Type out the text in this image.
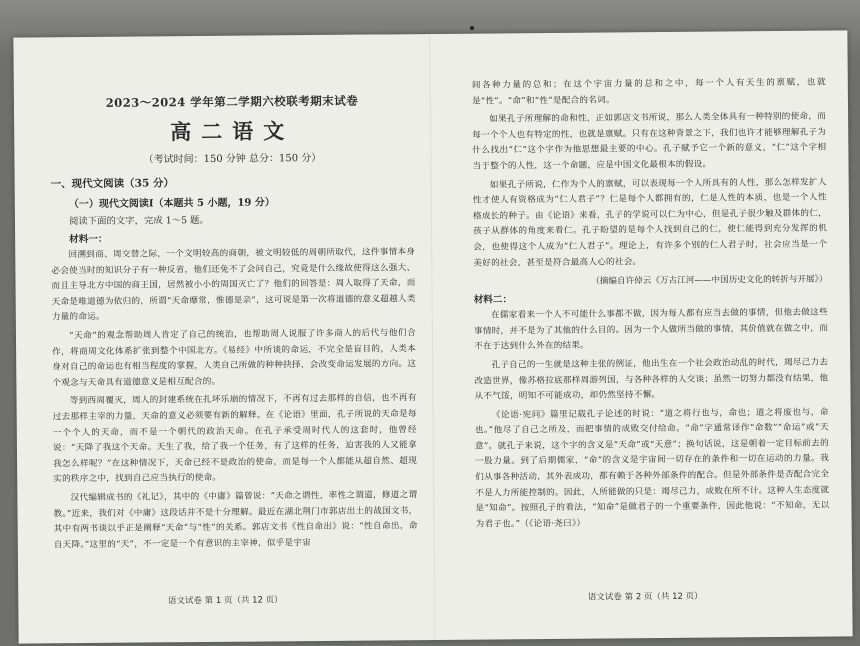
2023～2024 学年第二学期六校联考期末试卷
高二语文
（考试时间：150 分钟 总分：150 分）
一、现代文阅读（35 分）
（一）现代文阅读Ⅰ（本题共 5 小题，19 分）
阅读下面的文字，完成 1～5 题。
材料一：

回溯到商、周交替之际，一个文明较高的商朝，被文明较低的周朝所取代，这件事情本身必会使当时的知识分子有一种反省，他们还免不了会问自己，究竟是什么缘故使得这么强大、而且主导北方中国的商王国，居然被小小的周国灭亡了？他们的回答是：周人取得了天命，而天命是唯道德为依归的，所谓“天命靡常，惟德是亲”，这可说是第一次将道德的意义超越人类力量的命运。

“天命”的观念帮助周人肯定了自己的统治，也帮助周人说服了许多商人的后代与他们合作，将商周文化体系扩张到整个中国北方。《易经》中所谈的命运，不完全是盲目的，人类本身对自己的命运也有相当程度的掌握，人类自己所做的种种抉择，会改变命运发展的方向。这个观念与天命具有道德意义是相互配合的。

等到西周覆灭，周人的封建系统在扎坏乐崩的情况下，不再有过去那样的自信，也不再有过去那样主宰的力量，天命的意义必须要有新的解释。在《论语》里面，孔子所说的天命是每一个个人的天命，而不是一个朝代的政治天命。在孔子承受周时代人的这套时，他曾经说：“天降了我这个天命。天生了我，给了我一个任务，有了这样的任务，迫害我的人又能拿我怎么样呢？”在这种情况下，天命已经不是政治的使命，而是每一个人都能从超自然、超现实的秩序之中，找到自己应当执行的使命。

汉代编辑成书的《礼记》，其中的《中庸》篇曾说：“天命之谓性，率性之谓道，修道之谓教。”近来，我们对《中庸》这段话并不是十分理解。最近在湖北荆门市郭店出土的战国文书，其中有两书谈以乎正是阐释“天命”与“性”的关系。郭店文书《性自命出》说：“性自命出，命自天降。”这里的“天”，不一定是一个有意识的主宰神，似乎是宇宙

语文试卷 第 1 页（共 12 页）

间各种力量的总和；在这个宇宙力量的总和之中，每一个人有天生的禀赋，也就是“性”。“命”和“性”是配合的名词。

如果孔子所理解的命和性，正如郭店文书所说，那么人类全体具有一种特别的使命，而每一个个人也有特定的性，也就是禀赋。只有在这种背景之下，我们也许才能够理解孔子为什么找出“仁”这个字作为他思想最主要的中心。孔子赋予它一个新的意义，“仁”这个字相当于整个的人性，这一个命题，应是中国文化最根本的假设。

如果孔子所说，仁作为个人的禀赋，可以表现每一个人所具有的人性，那么怎样发扩人性才使人有资格成为“仁人君子”？仁是每个人都拥有的，仁是人性的本质，也是一个人性格成长的种子。由《论语》来看，孔子的学说可以仁为中心，但是孔子很少触及群体的仁，孩子从群体的角度来看仁。孔子盼望的是每个人找到自己的仁，使仁能得到充分发挥的机会，也使得这个人成为“仁人君子”。理论上，有许多个别的仁人君子时，社会应当是一个美好的社会，甚至是符合最高人心的社会。

（摘编自许倬云《万古江河——中国历史文化的转折与开展》）
材料二：

在儒家看来一个人不可能什么事都不做，因为每人都有应当去做的事情，但他去做这些事情时，并不是为了其他的什么目的。因为一个人做所当做的事情，其价值就在做之中，而不在于达到什么外在的结果。

孔子自己的一生就是这种主张的例证，他出生在一个社会政治动乱的时代，竭尽己力去改造世界，像苏格拉底那样周游列国，与各种各样的人交谈；虽然一切努力都没有结果，他从不气馁，明知不可能成功，却仍然坚持不懈。

《论语·宪问》篇里记载孔子论述的时说：“道之将行也与，命也；道之将废也与，命也。”他尽了自己之所及，而把事情的成败交付给命。“命”字通常译作“命数”“命运”或“天意”。就孔子来说，这个字的含义是“天命”或“天意”；换句话说，这是朝着一定目标前去的一股力量。到了后期儒家，“命”的含义是宇宙间一切存在的条件和一切在运动的力量。我们从事各种活动，其外表成功，都有赖于各种外部条件的配合。但是外部条件是否配合完全不是人力所能控制的。因此，人所能做的只是：竭尽己力，成败在所不计。这种人生态度就是“知命”。按照孔子的看法，“知命”是做君子的一个重要条件，因此他说：“不知命，无以为君子也。”（《论语·尧曰》）

语文试卷 第 2 页（共 12 页）
